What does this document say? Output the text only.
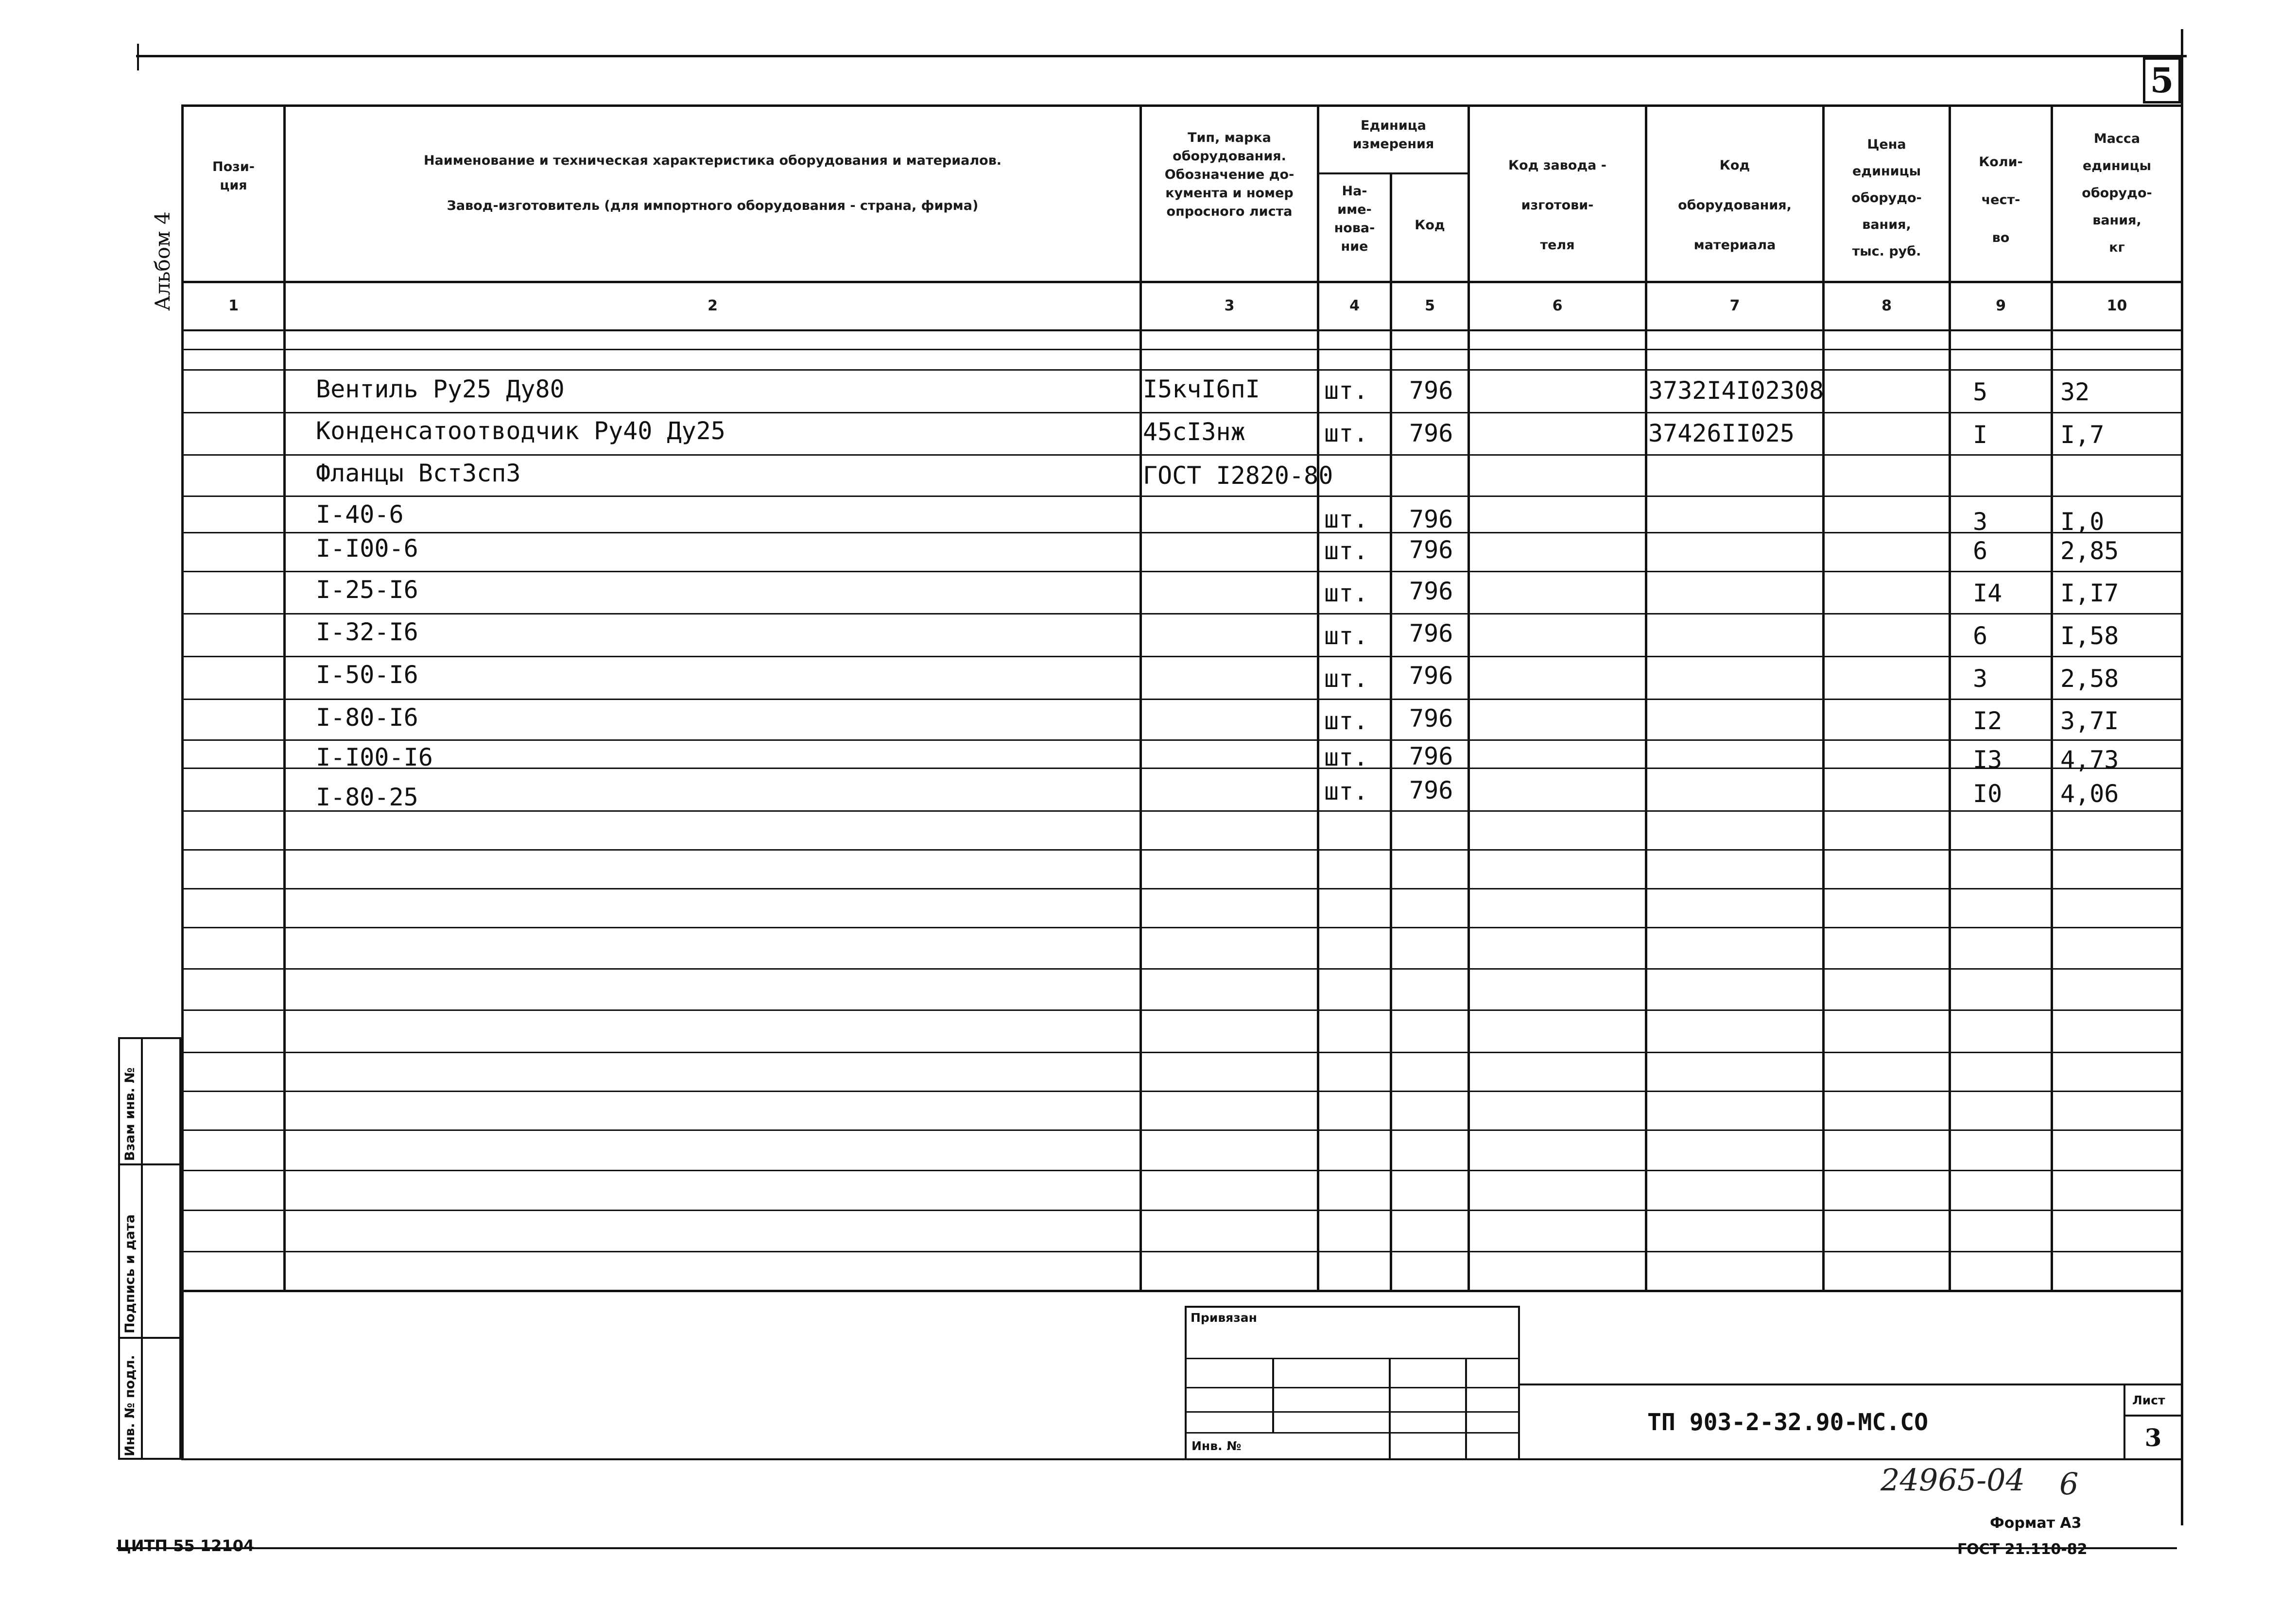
5
Альбом 4
Пози-
ция
Наименование и техническая характеристика оборудования и материалов.
Завод-изготовитель (для импортного оборудования - страна, фирма)
Тип, марка
оборудования.
Обозначение до-
кумента и номер
опросного листа
Единица
измерения
На-
име-
нова-
ние
Код
Код завода -
изготови-
теля
Код
оборудования,
материала
Цена
единицы
оборудо-
вания,
тыс. руб.
Коли-
чест-
во
Масса
единицы
оборудо-
вания,
кг
1	2	3	4	5	6	7	8	9	10
Вентиль Ру25 Ду80	I5кчI6пI	шт. 796	3732I4I02308	5	32
Конденсатоотводчик Ру40 Ду25	45сI3нж	шт. 796	37426II025	I	I,7
Фланцы ВстЗсп3	ГОСТ I2820-80
I-40-6	шт. 796	3	I,0
I-I00-6	шт. 796	6	2,85
I-25-I6	шт. 796	I4 I,I7
I-32-I6	шт. 796	6	I,58
I-50-I6	шт. 796	3	2,58
I-80-I6	шт. 796	I2 3,7I
I-I00-I6	шт. 796	I3 4,73
I-80-25	шт. 796	I0 4,06
Взам инв. №
Подпись и дата
Инв. № подл.
Привязан
Инв. №
ТП 903-2-32.90-МС.СО
Лист
3
24965-04 6
Формат А3
ГОСТ 21.110-82
ЦИТП 55 12104
